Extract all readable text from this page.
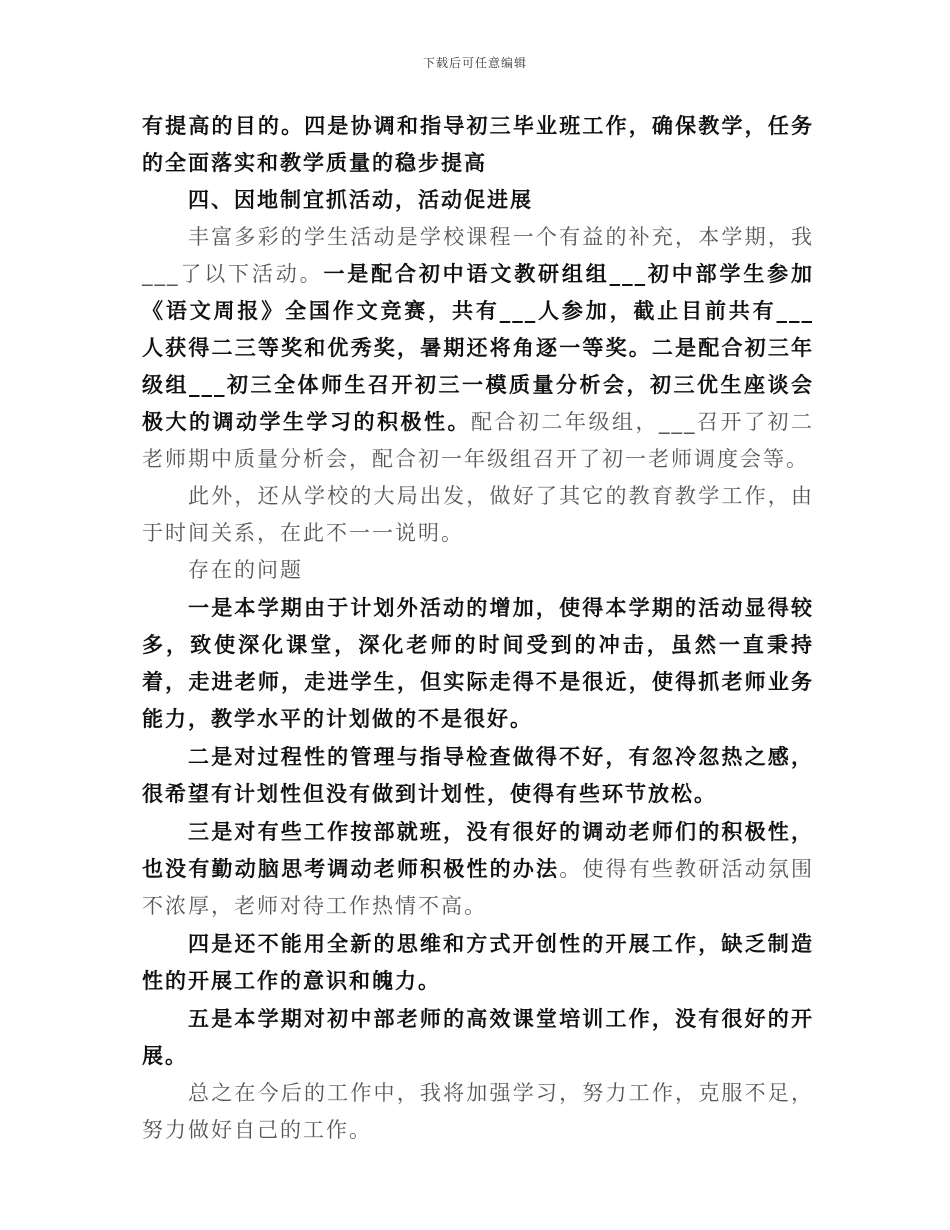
下载后可任意编辑

有提高的目的。四是协调和指导初三毕业班工作，确保教学，任务的全面落实和教学质量的稳步提高

四、因地制宜抓活动，活动促进展

丰富多彩的学生活动是学校课程一个有益的补充，本学期，我___了以下活动。一是配合初中语文教研组组___初中部学生参加《语文周报》全国作文竞赛，共有___人参加，截止目前共有___人获得二三等奖和优秀奖，暑期还将角逐一等奖。二是配合初三年级组___初三全体师生召开初三一模质量分析会，初三优生座谈会极大的调动学生学习的积极性。配合初二年级组，___召开了初二老师期中质量分析会，配合初一年级组召开了初一老师调度会等。

此外，还从学校的大局出发，做好了其它的教育教学工作，由于时间关系，在此不一一说明。

存在的问题

一是本学期由于计划外活动的增加，使得本学期的活动显得较多，致使深化课堂，深化老师的时间受到的冲击，虽然一直秉持着，走进老师，走进学生，但实际走得不是很近，使得抓老师业务能力，教学水平的计划做的不是很好。

二是对过程性的管理与指导检查做得不好，有忽冷忽热之感，很希望有计划性但没有做到计划性，使得有些环节放松。

三是对有些工作按部就班，没有很好的调动老师们的积极性，也没有勤动脑思考调动老师积极性的办法。使得有些教研活动氛围不浓厚，老师对待工作热情不高。

四是还不能用全新的思维和方式开创性的开展工作，缺乏制造性的开展工作的意识和魄力。

五是本学期对初中部老师的高效课堂培训工作，没有很好的开展。

总之在今后的工作中，我将加强学习，努力工作，克服不足，努力做好自己的工作。
